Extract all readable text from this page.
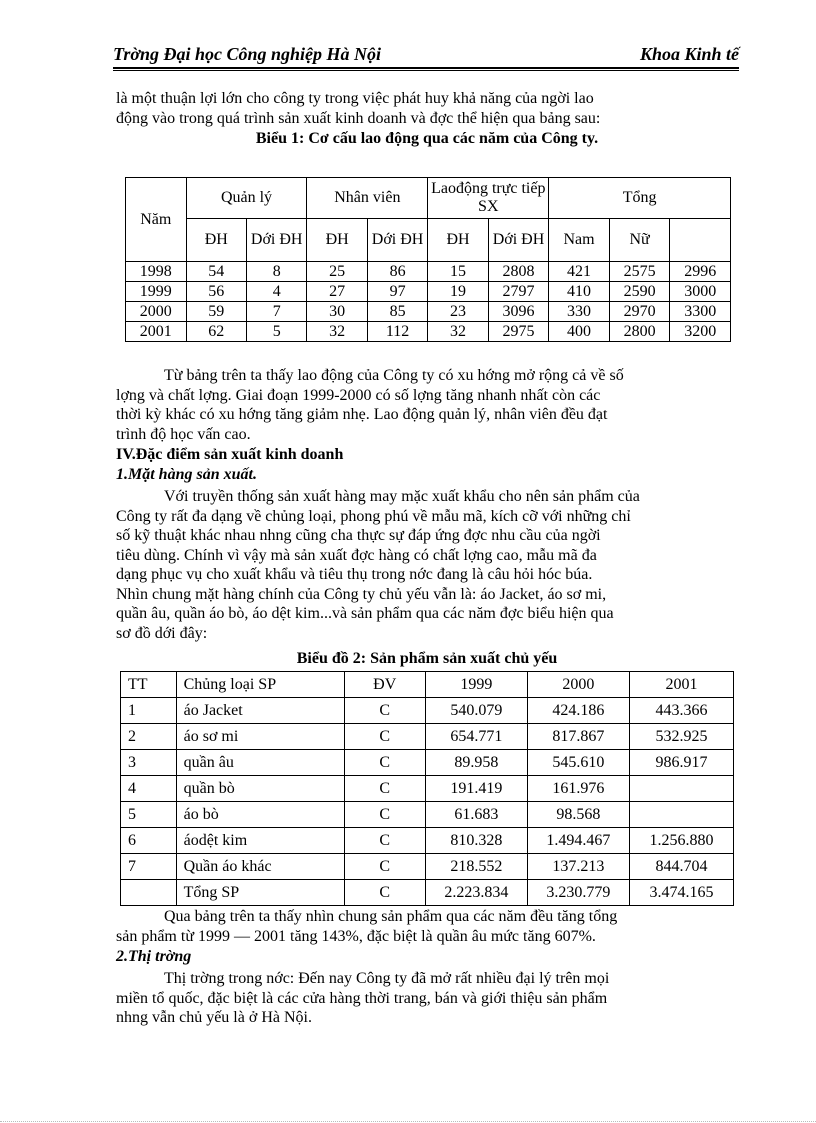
Trờng Đại học Công nghiệp Hà Nội	Khoa Kinh tế
là một thuận lợi lớn cho công ty trong việc phát huy khả năng của ngời lao
động vào trong quá trình sản xuất kinh doanh và đợc thể hiện qua bảng sau:
Biểu 1: Cơ cấu lao động qua các năm của Công ty.
Năm	Quản lý		Nhân viên		Laođộng trực tiếp SX		Tổng		
	ĐH	Dới ĐH	ĐH	Dới ĐH	ĐH	Dới ĐH	Nam	Nữ	
1998	54	8	25	86	15	2808	421	2575	2996
1999	56	4	27	97	19	2797	410	2590	3000
2000	59	7	30	85	23	3096	330	2970	3300
2001	62	5	32	112	32	2975	400	2800	3200
Từ bảng trên ta thấy lao động của Công ty có xu hớng mở rộng cả về số
lợng và chất lợng. Giai đoạn 1999-2000 có số lợng tăng nhanh nhất còn các
thời kỳ khác có xu hớng tăng giảm nhẹ. Lao động quản lý, nhân viên đều đạt
trình độ học vấn cao.
IV.Đặc điểm sản xuất kinh doanh
1.Mặt hàng sản xuất.
Với truyền thống sản xuất hàng may mặc xuất khẩu cho nên sản phẩm của
Công ty rất đa dạng về chủng loại, phong phú về mẫu mã, kích cỡ với những chỉ
số kỹ thuật khác nhau nhng cũng cha thực sự đáp ứng đợc nhu cầu của ngời
tiêu dùng. Chính vì vậy mà sản xuất đợc hàng có chất lợng cao, mẫu mã đa
dạng phục vụ cho xuất khẩu và tiêu thụ trong nớc đang là câu hỏi hóc búa.
Nhìn chung mặt hàng chính của Công ty chủ yếu vẫn là: áo Jacket, áo sơ mi,
quần âu, quần áo bò, áo dệt kim...và sản phẩm qua các năm đợc biểu hiện qua
sơ đồ dới đây:
Biểu đồ 2: Sản phẩm sản xuất chủ yếu
TT	Chủng loại SP	ĐV	1999	2000	2001
1	áo Jacket	C	540.079	424.186	443.366
2	áo sơ mi	C	654.771	817.867	532.925
3	quần âu	C	89.958	545.610	986.917
4	quần bò	C	191.419	161.976	
5	áo bò	C	61.683	98.568	
6	áodệt kim	C	810.328	1.494.467	1.256.880
7	Quần áo khác	C	218.552	137.213	844.704
	Tổng SP	C	2.223.834	3.230.779	3.474.165
Qua bảng trên ta thấy nhìn chung sản phẩm qua các năm đều tăng tổng
sản phẩm từ 1999 — 2001 tăng 143%, đặc biệt là quần âu mức tăng 607%.
2.Thị trờng
Thị trờng trong nớc: Đến nay Công ty đã mở rất nhiều đại lý trên mọi
miền tổ quốc, đặc biệt là các cửa hàng thời trang, bán và giới thiệu sản phẩm
nhng vẫn chủ yếu là ở Hà Nội.
